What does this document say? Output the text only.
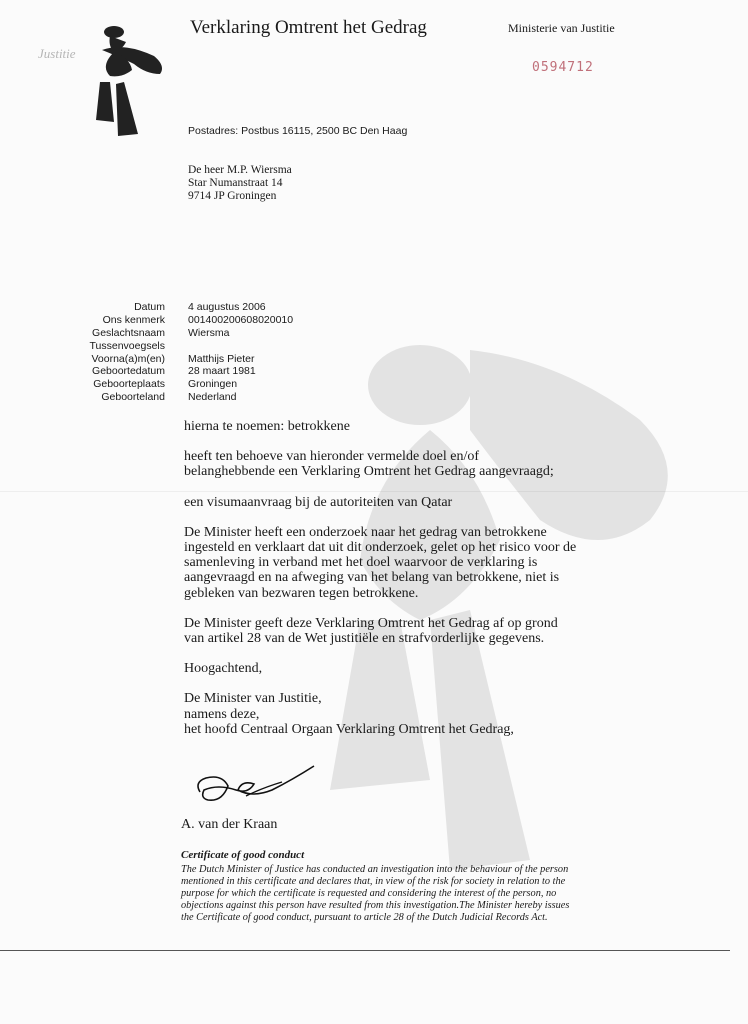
Justitie
Verklaring Omtrent het Gedrag	Ministerie van Justitie
0594712
Postadres: Postbus 16115, 2500 BC Den Haag
De heer M.P. Wiersma
Star Numanstraat 14
9714 JP Groningen
Datum
Ons kenmerk
Geslachtsnaam
Tussenvoegsels
Voorna(a)m(en)
Geboortedatum
Geboorteplaats
Geboorteland
4 augustus 2006
001400200608020010
Wiersma
Matthijs Pieter
28 maart 1981
Groningen
Nederland

hierna te noemen: betrokkene

heeft ten behoeve van hieronder vermelde doel en/of
belanghebbende een Verklaring Omtrent het Gedrag aangevraagd;

een visumaanvraag bij de autoriteiten van Qatar

De Minister heeft een onderzoek naar het gedrag van betrokkene
ingesteld en verklaart dat uit dit onderzoek, gelet op het risico voor de
samenleving in verband met het doel waarvoor de verklaring is
aangevraagd en na afweging van het belang van betrokkene, niet is
gebleken van bezwaren tegen betrokkene.

De Minister geeft deze Verklaring Omtrent het Gedrag af op grond
van artikel 28 van de Wet justitiële en strafvorderlijke gegevens.

Hoogachtend,

De Minister van Justitie,
namens deze,
het hoofd Centraal Orgaan Verklaring Omtrent het Gedrag,

A. van der Kraan
Certificate of good conduct
The Dutch Minister of Justice has conducted an investigation into the behaviour of the person
mentioned in this certificate and declares that, in view of the risk for society in relation to the
purpose for which the certificate is requested and considering the interest of the person, no
objections against this person have resulted from this investigation.The Minister hereby issues
the Certificate of good conduct, pursuant to article 28 of the Dutch Judicial Records Act.
